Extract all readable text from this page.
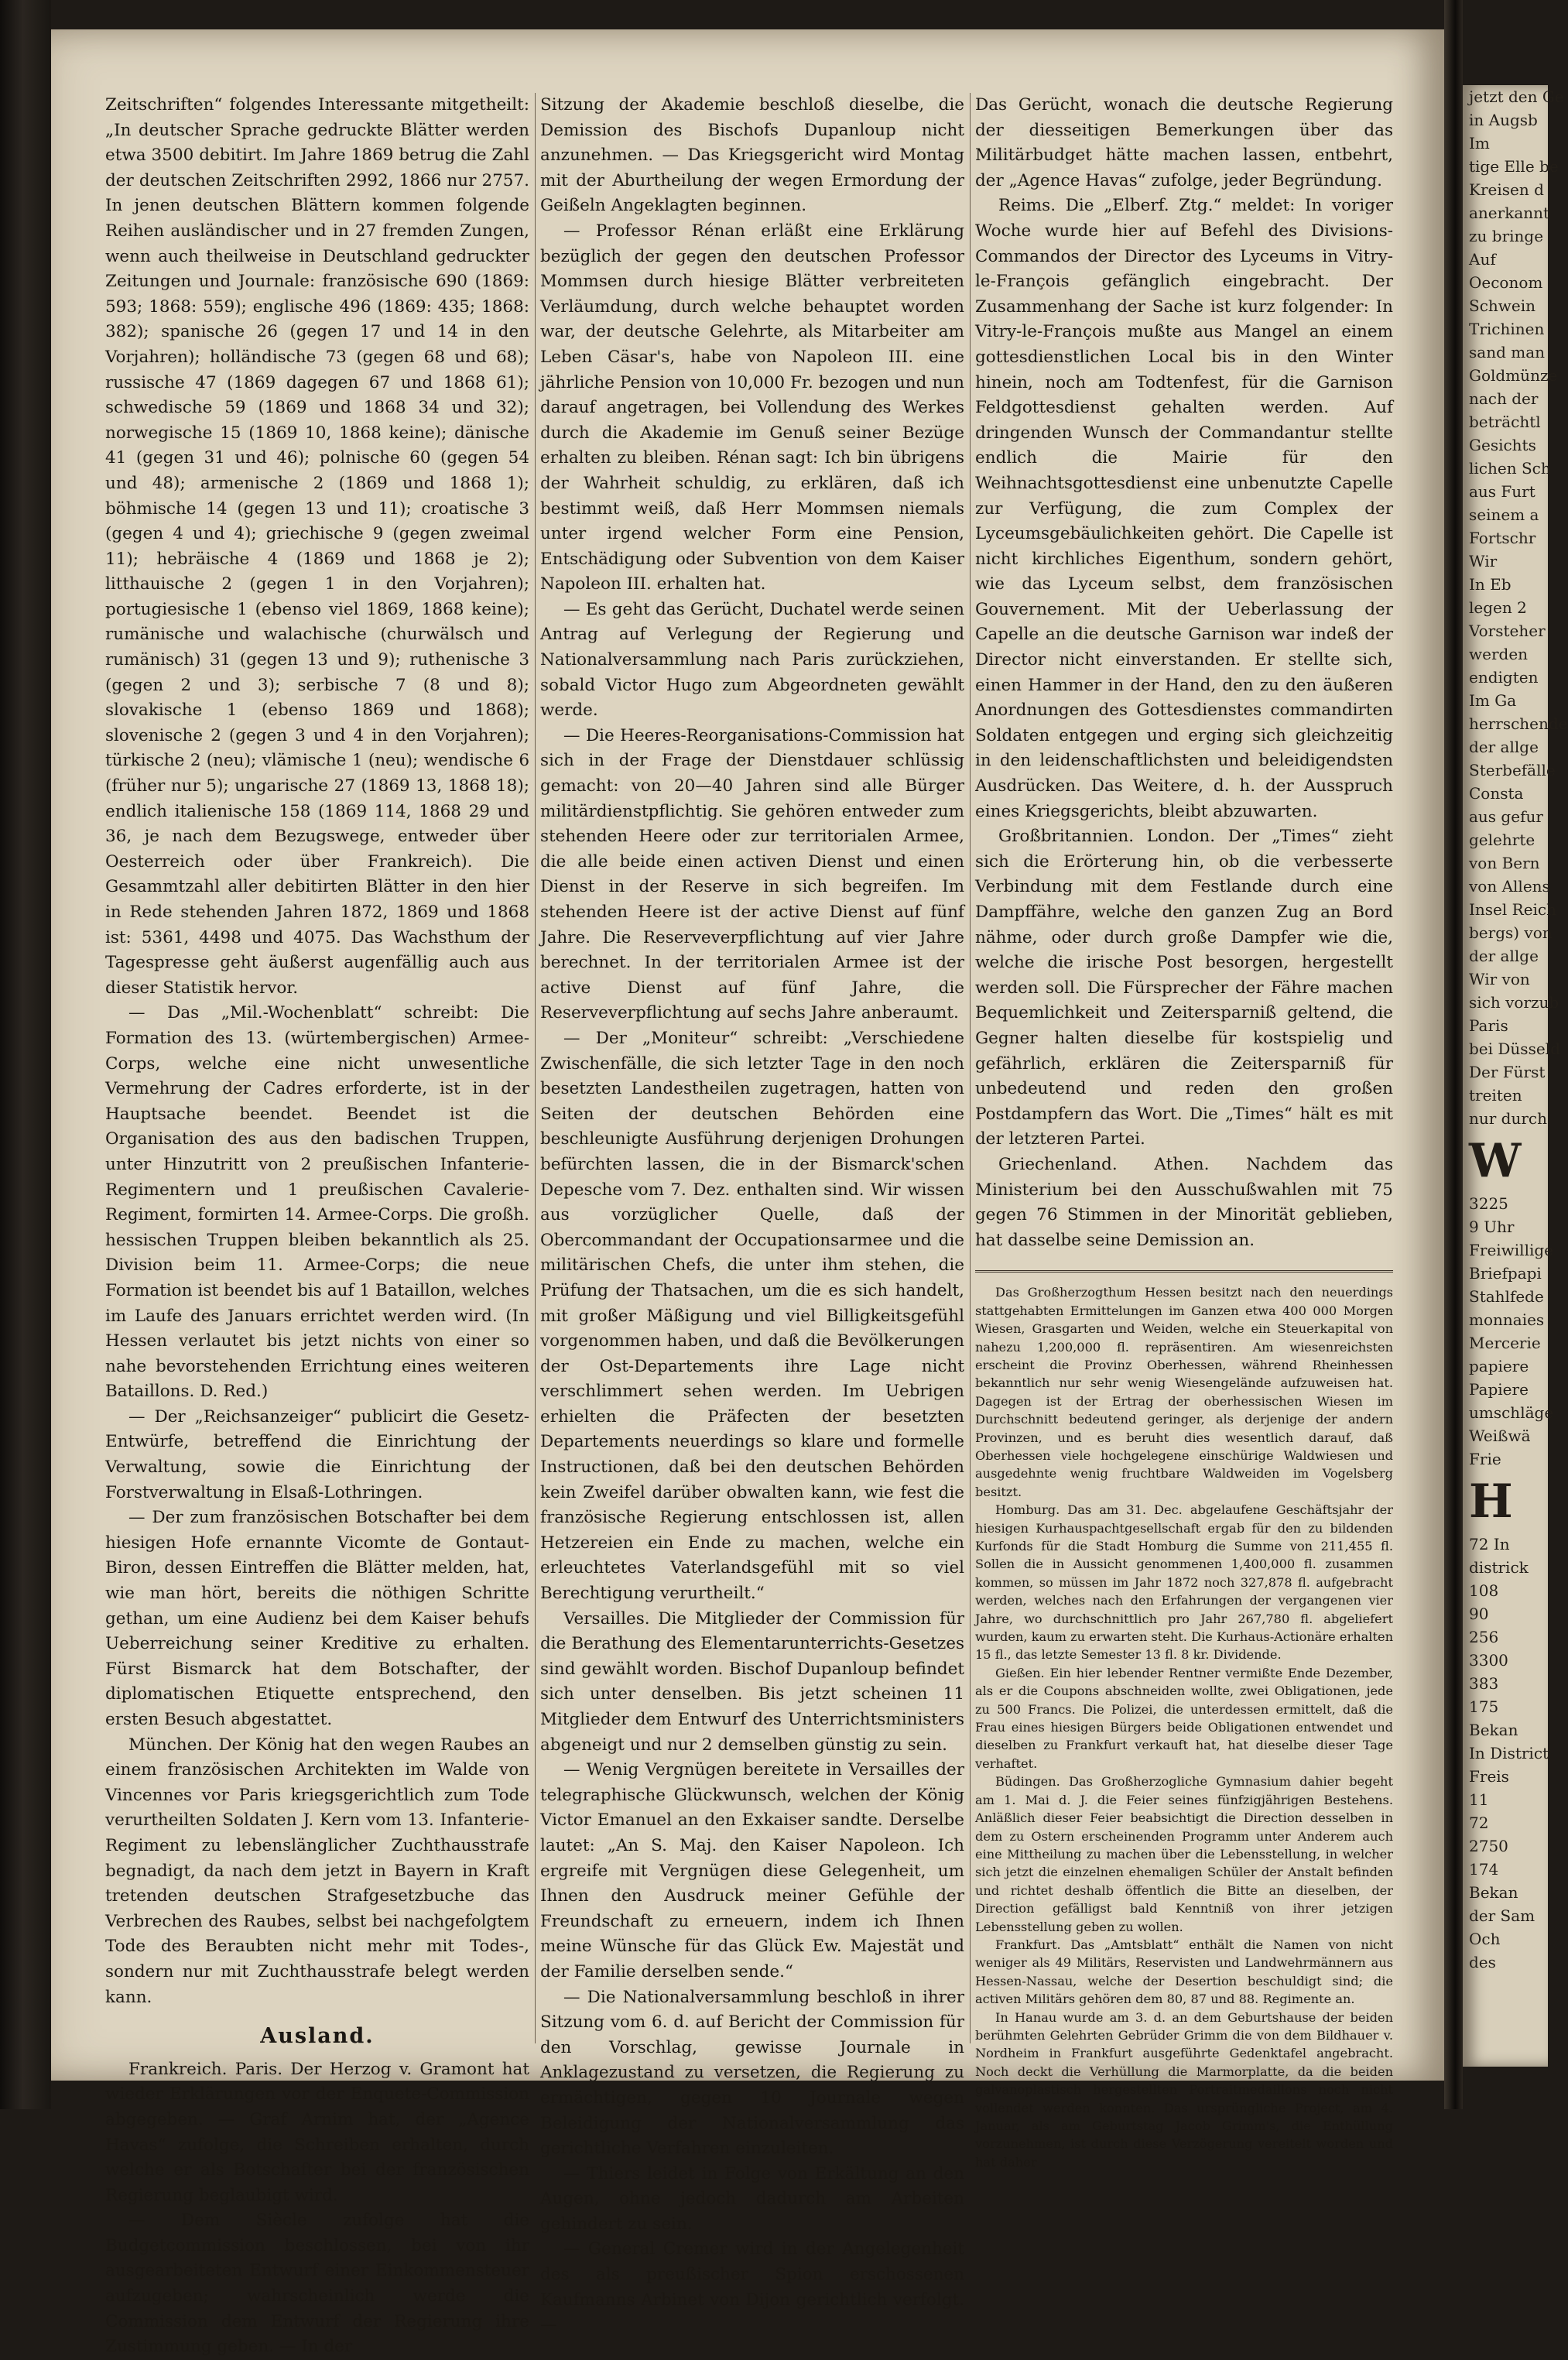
Zeitschriften“ folgendes Interessante mitgetheilt: „In deutscher Sprache gedruckte Blätter werden etwa 3500 debitirt. Im Jahre 1869 betrug die Zahl der deutschen Zeitschriften 2992, 1866 nur 2757. In jenen deutschen Blättern kommen folgende Reihen ausländischer und in 27 fremden Zungen, wenn auch theilweise in Deutschland gedruckter Zeitungen und Journale: französische 690 (1869: 593; 1868: 559); englische 496 (1869: 435; 1868: 382); spanische 26 (gegen 17 und 14 in den Vorjahren); holländische 73 (gegen 68 und 68); russische 47 (1869 dagegen 67 und 1868 61); schwedische 59 (1869 und 1868 34 und 32); norwegische 15 (1869 10, 1868 keine); dänische 41 (gegen 31 und 46); polnische 60 (gegen 54 und 48); armenische 2 (1869 und 1868 1); böhmische 14 (gegen 13 und 11); croatische 3 (gegen 4 und 4); griechische 9 (gegen zweimal 11); hebräische 4 (1869 und 1868 je 2); litthauische 2 (gegen 1 in den Vorjahren); portugiesische 1 (ebenso viel 1869, 1868 keine); rumänische und walachische (churwälsch und rumänisch) 31 (gegen 13 und 9); ruthenische 3 (gegen 2 und 3); serbische 7 (8 und 8); slovakische 1 (ebenso 1869 und 1868); slovenische 2 (gegen 3 und 4 in den Vorjahren); türkische 2 (neu); vlämische 1 (neu); wendische 6 (früher nur 5); ungarische 27 (1869 13, 1868 18); endlich italienische 158 (1869 114, 1868 29 und 36, je nach dem Bezugswege, entweder über Oesterreich oder über Frankreich). Die Gesammtzahl aller debitirten Blätter in den hier in Rede stehenden Jahren 1872, 1869 und 1868 ist: 5361, 4498 und 4075. Das Wachsthum der Tagespresse geht äußerst augenfällig auch aus dieser Statistik hervor.

— Das „Mil.-Wochenblatt“ schreibt: Die Formation des 13. (würtembergischen) Armee-Corps, welche eine nicht unwesentliche Vermehrung der Cadres erforderte, ist in der Hauptsache beendet. Beendet ist die Organisation des aus den badischen Truppen, unter Hinzutritt von 2 preußischen Infanterie-Regimentern und 1 preußischen Cavalerie-Regiment, formirten 14. Armee-Corps. Die großh. hessischen Truppen bleiben bekanntlich als 25. Division beim 11. Armee-Corps; die neue Formation ist beendet bis auf 1 Bataillon, welches im Laufe des Januars errichtet werden wird. (In Hessen verlautet bis jetzt nichts von einer so nahe bevorstehenden Errichtung eines weiteren Bataillons. D. Red.)

— Der „Reichsanzeiger“ publicirt die Gesetz-Entwürfe, betreffend die Einrichtung der Verwaltung, sowie die Einrichtung der Forstverwaltung in Elsaß-Lothringen.

— Der zum französischen Botschafter bei dem hiesigen Hofe ernannte Vicomte de Gontaut-Biron, dessen Eintreffen die Blätter melden, hat, wie man hört, bereits die nöthigen Schritte gethan, um eine Audienz bei dem Kaiser behufs Ueberreichung seiner Kreditive zu erhalten. Fürst Bismarck hat dem Botschafter, der diplomatischen Etiquette entsprechend, den ersten Besuch abgestattet.

München. Der König hat den wegen Raubes an einem französischen Architekten im Walde von Vincennes vor Paris kriegsgerichtlich zum Tode verurtheilten Soldaten J. Kern vom 13. Infanterie-Regiment zu lebenslänglicher Zuchthausstrafe begnadigt, da nach dem jetzt in Bayern in Kraft tretenden deutschen Strafgesetzbuche das Verbrechen des Raubes, selbst bei nachgefolgtem Tode des Beraubten nicht mehr mit Todes-, sondern nur mit Zuchthausstrafe belegt werden kann.

Ausland.

Frankreich. Paris. Der Herzog v. Gramont hat wieder Erklärungen vor der Enquete-Commission abgegeben. — Graf Arnim hat, der „Agence Havas“ zufolge, die Schreiben erhalten, durch welche er als Botschafter bei der französischen Regierung beglaubigt wird.

— Dem Siècle zufolge hat die Budgetcommission beschlossen, bei von ihr ausgearbeiteten Entwurf einer Einkommensteuer aufzugeben; wahrscheinlich werde die Commission dem Entwurf der Regierung ihre Zustimmung geben. — In der

Sitzung der Akademie beschloß dieselbe, die Demission des Bischofs Dupanloup nicht anzunehmen. — Das Kriegsgericht wird Montag mit der Aburtheilung der wegen Ermordung der Geißeln Angeklagten beginnen.

— Professor Rénan erläßt eine Erklärung bezüglich der gegen den deutschen Professor Mommsen durch hiesige Blätter verbreiteten Verläumdung, durch welche behauptet worden war, der deutsche Gelehrte, als Mitarbeiter am Leben Cäsar's, habe von Napoleon III. eine jährliche Pension von 10,000 Fr. bezogen und nun darauf angetragen, bei Vollendung des Werkes durch die Akademie im Genuß seiner Bezüge erhalten zu bleiben. Rénan sagt: Ich bin übrigens der Wahrheit schuldig, zu erklären, daß ich bestimmt weiß, daß Herr Mommsen niemals unter irgend welcher Form eine Pension, Entschädigung oder Subvention von dem Kaiser Napoleon III. erhalten hat.

— Es geht das Gerücht, Duchatel werde seinen Antrag auf Verlegung der Regierung und Nationalversammlung nach Paris zurückziehen, sobald Victor Hugo zum Abgeordneten gewählt werde.

— Die Heeres-Reorganisations-Commission hat sich in der Frage der Dienstdauer schlüssig gemacht: von 20—40 Jahren sind alle Bürger militärdienstpflichtig. Sie gehören entweder zum stehenden Heere oder zur territorialen Armee, die alle beide einen activen Dienst und einen Dienst in der Reserve in sich begreifen. Im stehenden Heere ist der active Dienst auf fünf Jahre. Die Reserveverpflichtung auf vier Jahre berechnet. In der territorialen Armee ist der active Dienst auf fünf Jahre, die Reserveverpflichtung auf sechs Jahre anberaumt.

— Der „Moniteur“ schreibt: „Verschiedene Zwischenfälle, die sich letzter Tage in den noch besetzten Landestheilen zugetragen, hatten von Seiten der deutschen Behörden eine beschleunigte Ausführung derjenigen Drohungen befürchten lassen, die in der Bismarck'schen Depesche vom 7. Dez. enthalten sind. Wir wissen aus vorzüglicher Quelle, daß der Obercommandant der Occupationsarmee und die militärischen Chefs, die unter ihm stehen, die Prüfung der Thatsachen, um die es sich handelt, mit großer Mäßigung und viel Billigkeitsgefühl vorgenommen haben, und daß die Bevölkerungen der Ost-Departements ihre Lage nicht verschlimmert sehen werden. Im Uebrigen erhielten die Präfecten der besetzten Departements neuerdings so klare und formelle Instructionen, daß bei den deutschen Behörden kein Zweifel darüber obwalten kann, wie fest die französische Regierung entschlossen ist, allen Hetzereien ein Ende zu machen, welche ein erleuchtetes Vaterlandsgefühl mit so viel Berechtigung verurtheilt.“

Versailles. Die Mitglieder der Commission für die Berathung des Elementarunterrichts-Gesetzes sind gewählt worden. Bischof Dupanloup befindet sich unter denselben. Bis jetzt scheinen 11 Mitglieder dem Entwurf des Unterrichtsministers abgeneigt und nur 2 demselben günstig zu sein.

— Wenig Vergnügen bereitete in Versailles der telegraphische Glückwunsch, welchen der König Victor Emanuel an den Exkaiser sandte. Derselbe lautet: „An S. Maj. den Kaiser Napoleon. Ich ergreife mit Vergnügen diese Gelegenheit, um Ihnen den Ausdruck meiner Gefühle der Freundschaft zu erneuern, indem ich Ihnen meine Wünsche für das Glück Ew. Majestät und der Familie derselben sende.“

— Die Nationalversammlung beschloß in ihrer Sitzung vom 6. d. auf Bericht der Commission für den Vorschlag, gewisse Journale in Anklagezustand zu versetzen, die Regierung zu ermächtigen, gegen 10 Journale wegen Beleidigung der Nationalversammlung das gerichtliche Verfahren einzuleiten.

— Thiers leidet in Folge von Erkältung an den Augen, ohne jedoch dadurch am Arbeiten gehindert zu sein.

— General Cremer wird in der Angelegenheit des als preußischer Spion erschossenen Kaufmanns Arbinet von Dijon gerichtlich verfolgt. —

Das Gerücht, wonach die deutsche Regierung der diesseitigen Bemerkungen über das Militärbudget hätte machen lassen, entbehrt, der „Agence Havas“ zufolge, jeder Begründung.

Reims. Die „Elberf. Ztg.“ meldet: In voriger Woche wurde hier auf Befehl des Divisions-Commandos der Director des Lyceums in Vitry-le-François gefänglich eingebracht. Der Zusammenhang der Sache ist kurz folgender: In Vitry-le-François mußte aus Mangel an einem gottesdienstlichen Local bis in den Winter hinein, noch am Todtenfest, für die Garnison Feldgottesdienst gehalten werden. Auf dringenden Wunsch der Commandantur stellte endlich die Mairie für den Weihnachtsgottesdienst eine unbenutzte Capelle zur Verfügung, die zum Complex der Lyceumsgebäulichkeiten gehört. Die Capelle ist nicht kirchliches Eigenthum, sondern gehört, wie das Lyceum selbst, dem französischen Gouvernement. Mit der Ueberlassung der Capelle an die deutsche Garnison war indeß der Director nicht einverstanden. Er stellte sich, einen Hammer in der Hand, den zu den äußeren Anordnungen des Gottesdienstes commandirten Soldaten entgegen und erging sich gleichzeitig in den leidenschaftlichsten und beleidigendsten Ausdrücken. Das Weitere, d. h. der Ausspruch eines Kriegsgerichts, bleibt abzuwarten.

Großbritannien. London. Der „Times“ zieht sich die Erörterung hin, ob die verbesserte Verbindung mit dem Festlande durch eine Dampffähre, welche den ganzen Zug an Bord nähme, oder durch große Dampfer wie die, welche die irische Post besorgen, hergestellt werden soll. Die Fürsprecher der Fähre machen Bequemlichkeit und Zeitersparniß geltend, die Gegner halten dieselbe für kostspielig und gefährlich, erklären die Zeitersparniß für unbedeutend und reden den großen Postdampfern das Wort. Die „Times“ hält es mit der letzteren Partei.

Griechenland. Athen. Nachdem das Ministerium bei den Ausschußwahlen mit 75 gegen 76 Stimmen in der Minorität geblieben, hat dasselbe seine Demission an.

Das Großherzogthum Hessen besitzt nach den neuerdings stattgehabten Ermittelungen im Ganzen etwa 400 000 Morgen Wiesen, Grasgarten und Weiden, welche ein Steuerkapital von nahezu 1,200,000 fl. repräsentiren. Am wiesenreichsten erscheint die Provinz Oberhessen, während Rheinhessen bekanntlich nur sehr wenig Wiesengelände aufzuweisen hat. Dagegen ist der Ertrag der oberhessischen Wiesen im Durchschnitt bedeutend geringer, als derjenige der andern Provinzen, und es beruht dies wesentlich darauf, daß Oberhessen viele hochgelegene einschürige Waldwiesen und ausgedehnte wenig fruchtbare Waldweiden im Vogelsberg besitzt.

Homburg. Das am 31. Dec. abgelaufene Geschäftsjahr der hiesigen Kurhauspachtgesellschaft ergab für den zu bildenden Kurfonds für die Stadt Homburg die Summe von 211,455 fl. Sollen die in Aussicht genommenen 1,400,000 fl. zusammen kommen, so müssen im Jahr 1872 noch 327,878 fl. aufgebracht werden, welches nach den Erfahrungen der vergangenen vier Jahre, wo durchschnittlich pro Jahr 267,780 fl. abgeliefert wurden, kaum zu erwarten steht. Die Kurhaus-Actionäre erhalten 15 fl., das letzte Semester 13 fl. 8 kr. Dividende.

Gießen. Ein hier lebender Rentner vermißte Ende Dezember, als er die Coupons abschneiden wollte, zwei Obligationen, jede zu 500 Francs. Die Polizei, die unterdessen ermittelt, daß die Frau eines hiesigen Bürgers beide Obligationen entwendet und dieselben zu Frankfurt verkauft hat, hat dieselbe dieser Tage verhaftet.

Büdingen. Das Großherzogliche Gymnasium dahier begeht am 1. Mai d. J. die Feier seines fünfzigjährigen Bestehens. Anläßlich dieser Feier beabsichtigt die Direction desselben in dem zu Ostern erscheinenden Programm unter Anderem auch eine Mittheilung zu machen über die Lebensstellung, in welcher sich jetzt die einzelnen ehemaligen Schüler der Anstalt befinden und richtet deshalb öffentlich die Bitte an dieselben, der Direction gefälligst bald Kenntniß von ihrer jetzigen Lebensstellung geben zu wollen.

Frankfurt. Das „Amtsblatt“ enthält die Namen von nicht weniger als 49 Militärs, Reservisten und Landwehrmännern aus Hessen-Nassau, welche der Desertion beschuldigt sind; die activen Militärs gehören dem 80, 87 und 88. Regimente an.

In Hanau wurde am 3. d. an dem Geburtshause der beiden berühmten Gelehrten Gebrüder Grimm die von dem Bildhauer v. Nordheim in Frankfurt ausgeführte Gedenktafel angebracht. Noch deckt die Verhüllung die Marmorplatte, da die beiden galvanoplastisch hergestellten Portraitmedaillons noch nicht vollendet werden konnten. Das ursprüngliche Project, am 4. Januar, als am Geburtstag Jacob Grimm's, die Enthüllung vorzunehmen, ist durch diese Verzögerung vereitelt worden und hat daher

jetzt den Ge
in Augsb
Im
tige Elle be
Kreisen d
anerkannt
zu bringe
Auf
Oeconom
Schwein
Trichinen
sand man
Goldmünze
nach der
beträchtl
Gesichts
lichen Sch
aus Furt
seinem a
Fortschr
Wir
In Eb
legen 2
Vorsteher
werden
endigten
Im Ga
herrschende
der allge
Sterbefälle
Consta
aus gefur
gelehrte
von Bern
von Allens
Insel Reich
bergs) von
der allge
Wir von
sich vorzub
Paris
bei Düsseld
Der Fürst
treiten
nur durch
W
3225
9 Uhr
Freiwillige
Briefpapi
Stahlfede
monnaies
Mercerie
papiere
Papiere
umschläge
Weißwä
Frie
H
72 In
districk
108
90
256
3300
383
175
Bekan
In District
Freis
11
72
2750
174
Bekan
der Sam
Och
des
